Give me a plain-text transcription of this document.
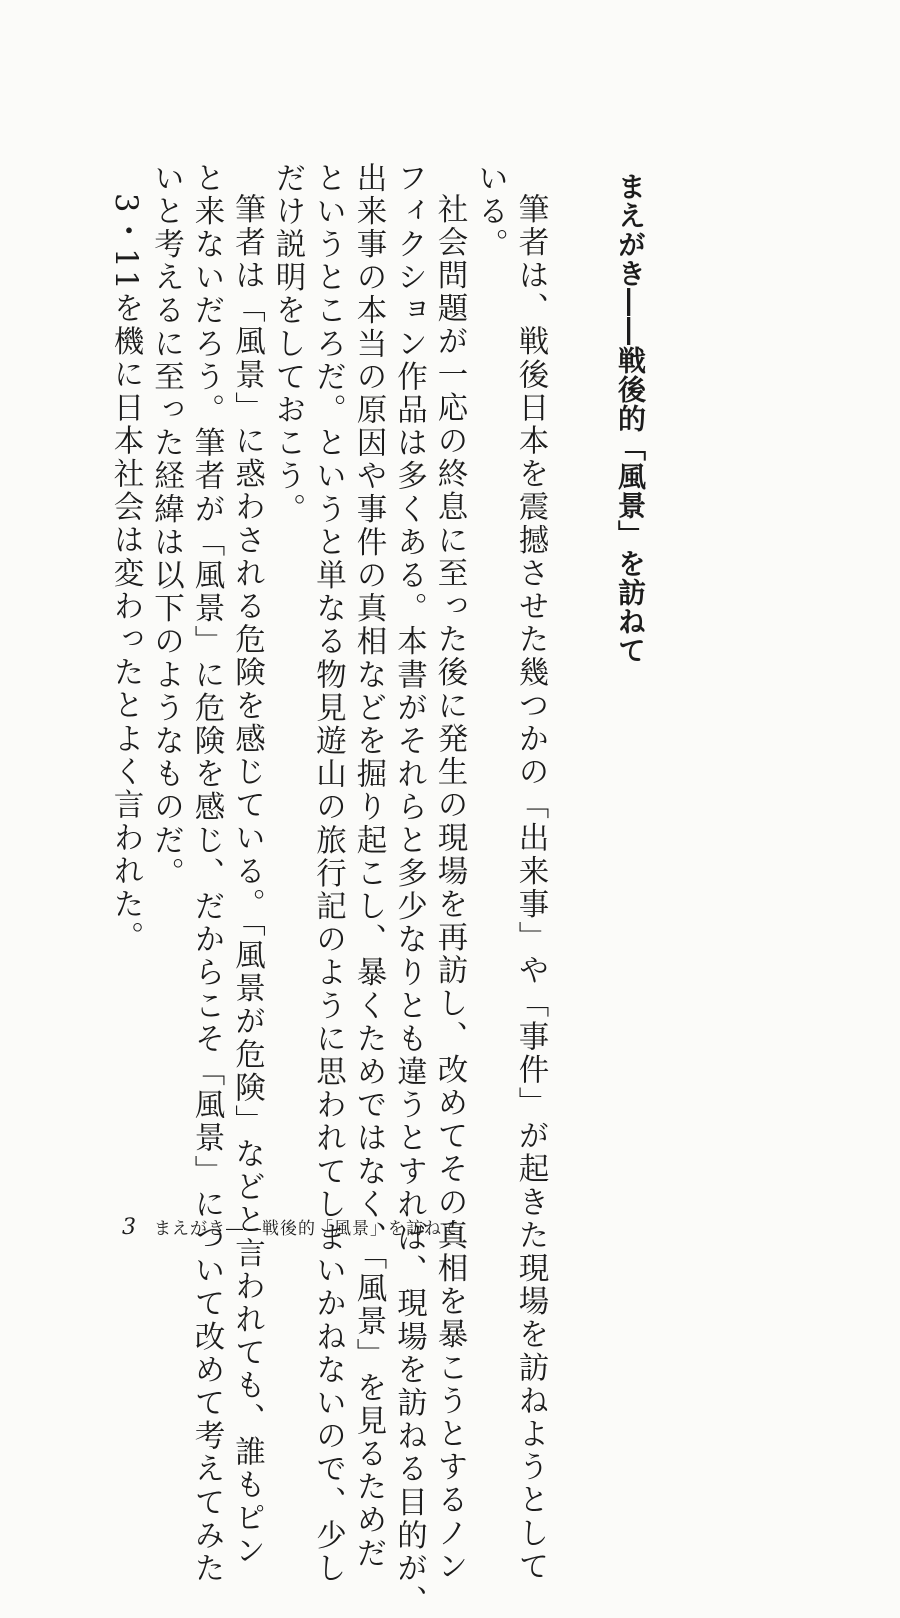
まえがき――戦後的「風景」を訪ねて

筆者は、戦後日本を震撼させた幾つかの「出来事」や「事件」が起きた現場を訪ねようとして

いる。

社会問題が一応の終息に至った後に発生の現場を再訪し、改めてその真相を暴こうとするノン

フィクション作品は多くある。本書がそれらと多少なりとも違うとすれば、現場を訪ねる目的が、

出来事の本当の原因や事件の真相などを掘り起こし、暴くためではなく、「風景」を見るためだ

というところだ。というと単なる物見遊山の旅行記のように思われてしまいかねないので、少し

だけ説明をしておこう。

筆者は「風景」に惑わされる危険を感じている。「風景が危険」などと言われても、誰もピン

と来ないだろう。筆者が「風景」に危険を感じ、だからこそ「風景」について改めて考えてみた

いと考えるに至った経緯は以下のようなものだ。

3・11を機に日本社会は変わったとよく言われた。

3 まえがき――戦後的「風景」を訪ねて
